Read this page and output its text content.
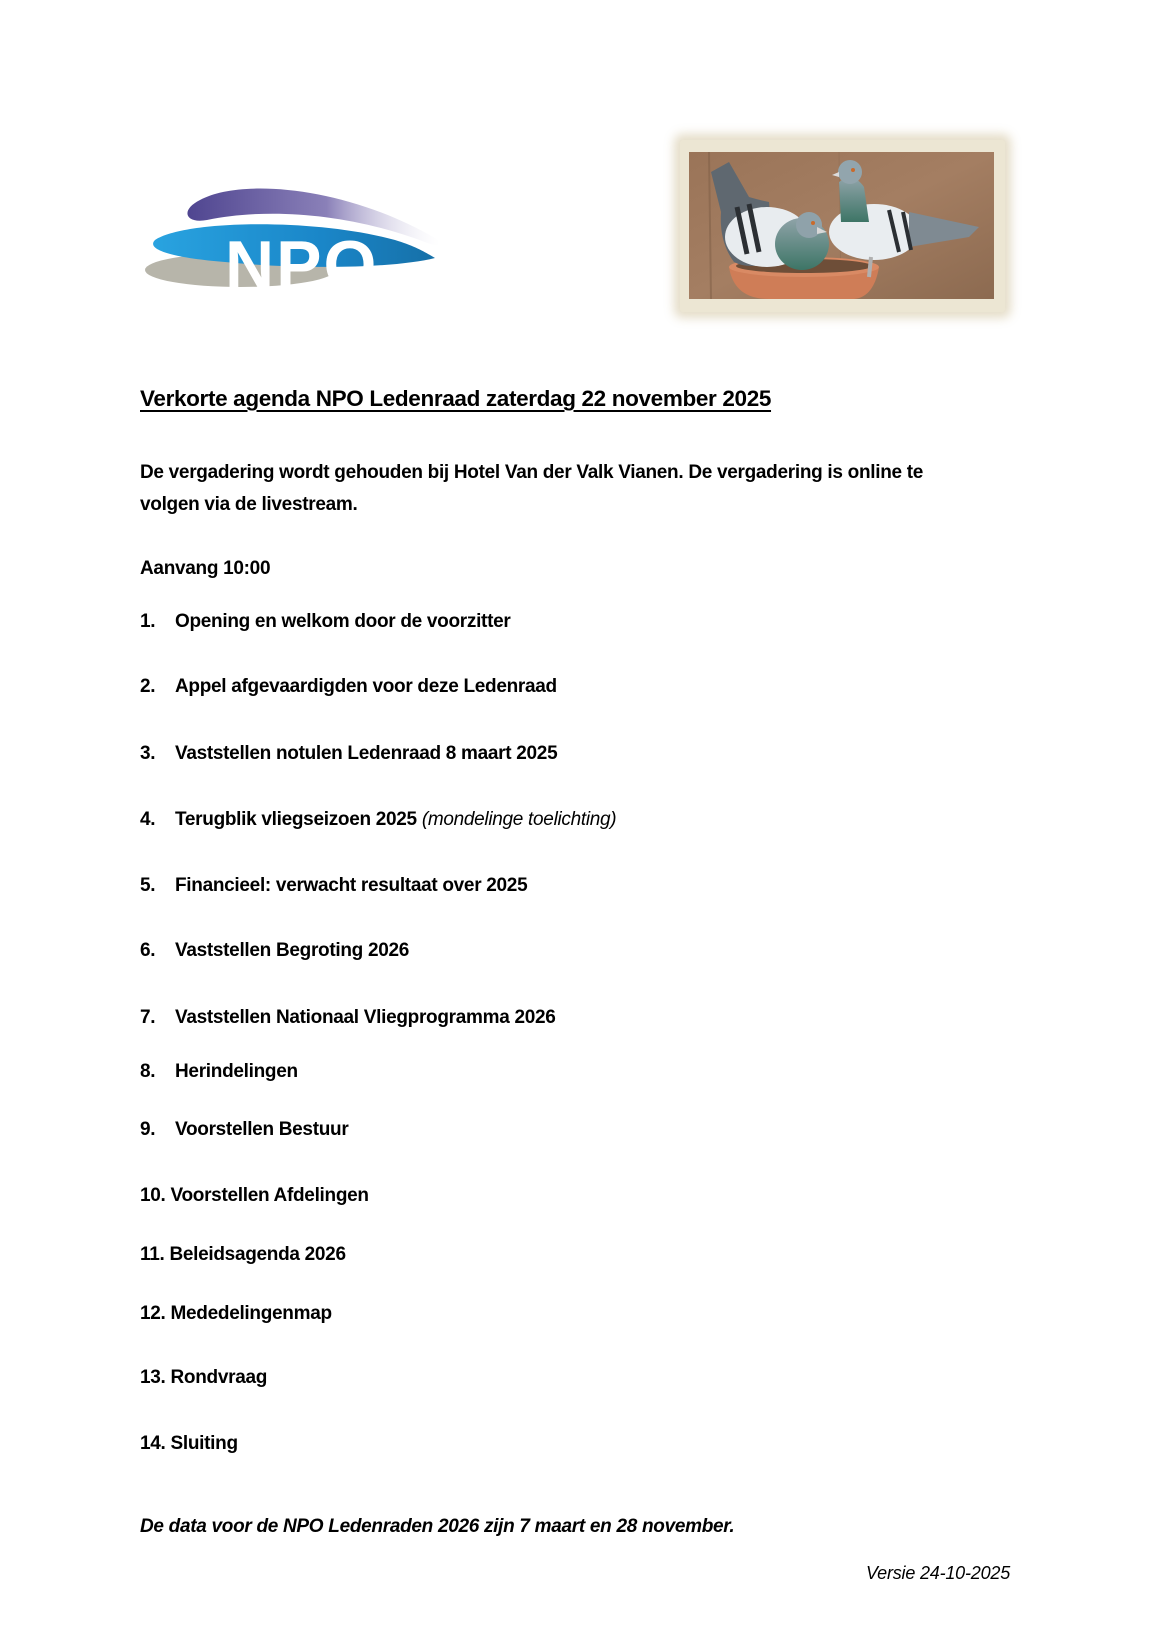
NPO
Verkorte agenda NPO Ledenraad zaterdag 22 november 2025
De vergadering wordt gehouden bij Hotel Van der Valk Vianen. De vergadering is online te
volgen via de livestream.
Aanvang 10:00
1. Opening en welkom door de voorzitter
2. Appel afgevaardigden voor deze Ledenraad
3. Vaststellen notulen Ledenraad 8 maart 2025
4. Terugblik vliegseizoen 2025 (mondelinge toelichting)
5. Financieel: verwacht resultaat over 2025
6. Vaststellen Begroting 2026
7. Vaststellen Nationaal Vliegprogramma 2026
8. Herindelingen
9. Voorstellen Bestuur
10. Voorstellen Afdelingen
11. Beleidsagenda 2026
12. Mededelingenmap
13. Rondvraag
14. Sluiting
De data voor de NPO Ledenraden 2026 zijn 7 maart en 28 november.
Versie 24-10-2025
